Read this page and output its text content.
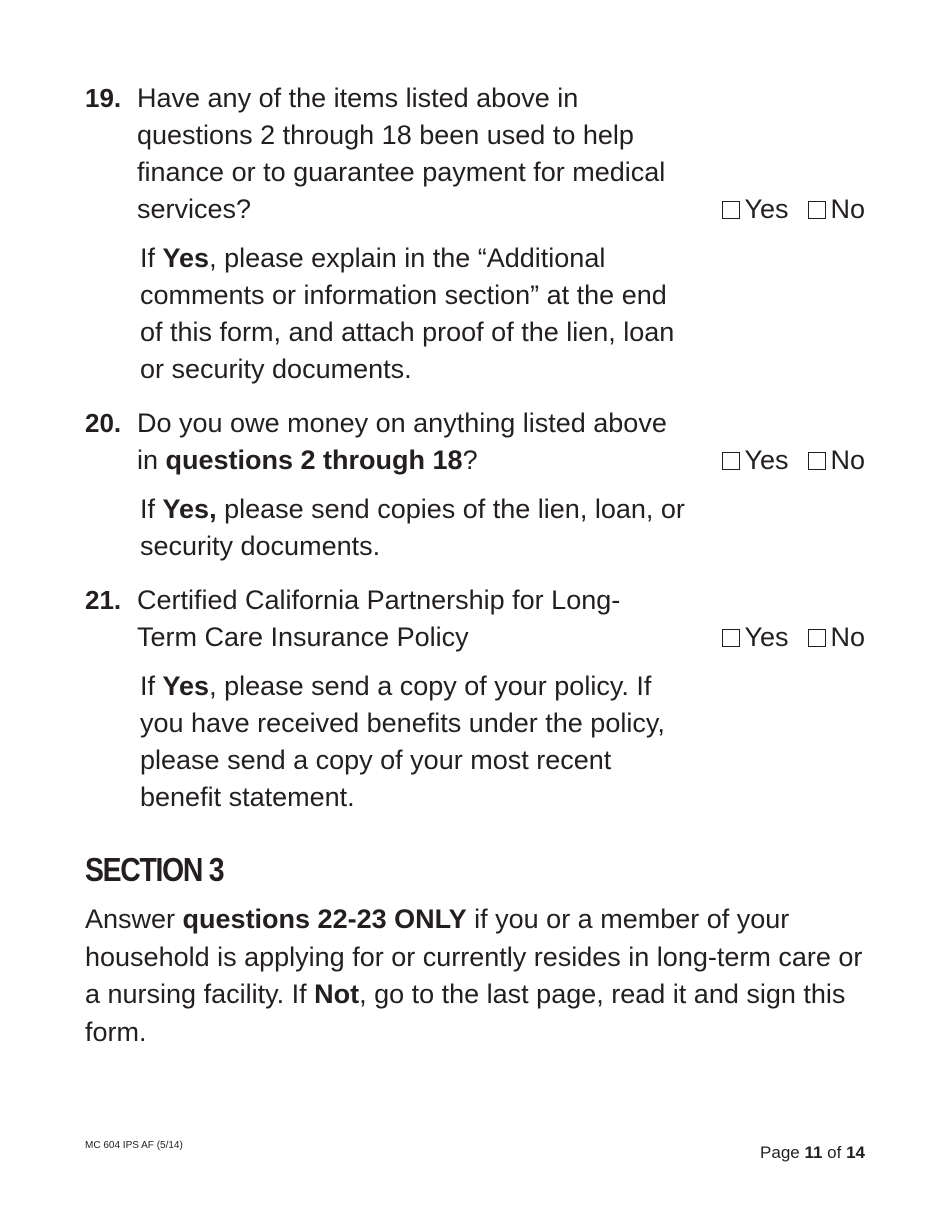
19. Have any of the items listed above in questions 2 through 18 been used to help finance or to guarantee payment for medical services?	Yes No
If Yes, please explain in the “Additional comments or information section” at the end of this form, and attach proof of the lien, loan or security documents.
20. Do you owe money on anything listed above in questions 2 through 18?	Yes No
If Yes, please send copies of the lien, loan, or security documents.
21. Certified California Partnership for Long-Term Care Insurance Policy	Yes No
If Yes, please send a copy of your policy. If you have received benefits under the policy, please send a copy of your most recent benefit statement.
SECTION 3

Answer questions 22-23 ONLY if you or a member of your household is applying for or currently resides in long-term care or a nursing facility. If Not, go to the last page, read it and sign this form.

MC 604 IPS AF (5/14)	Page 11 of 14
